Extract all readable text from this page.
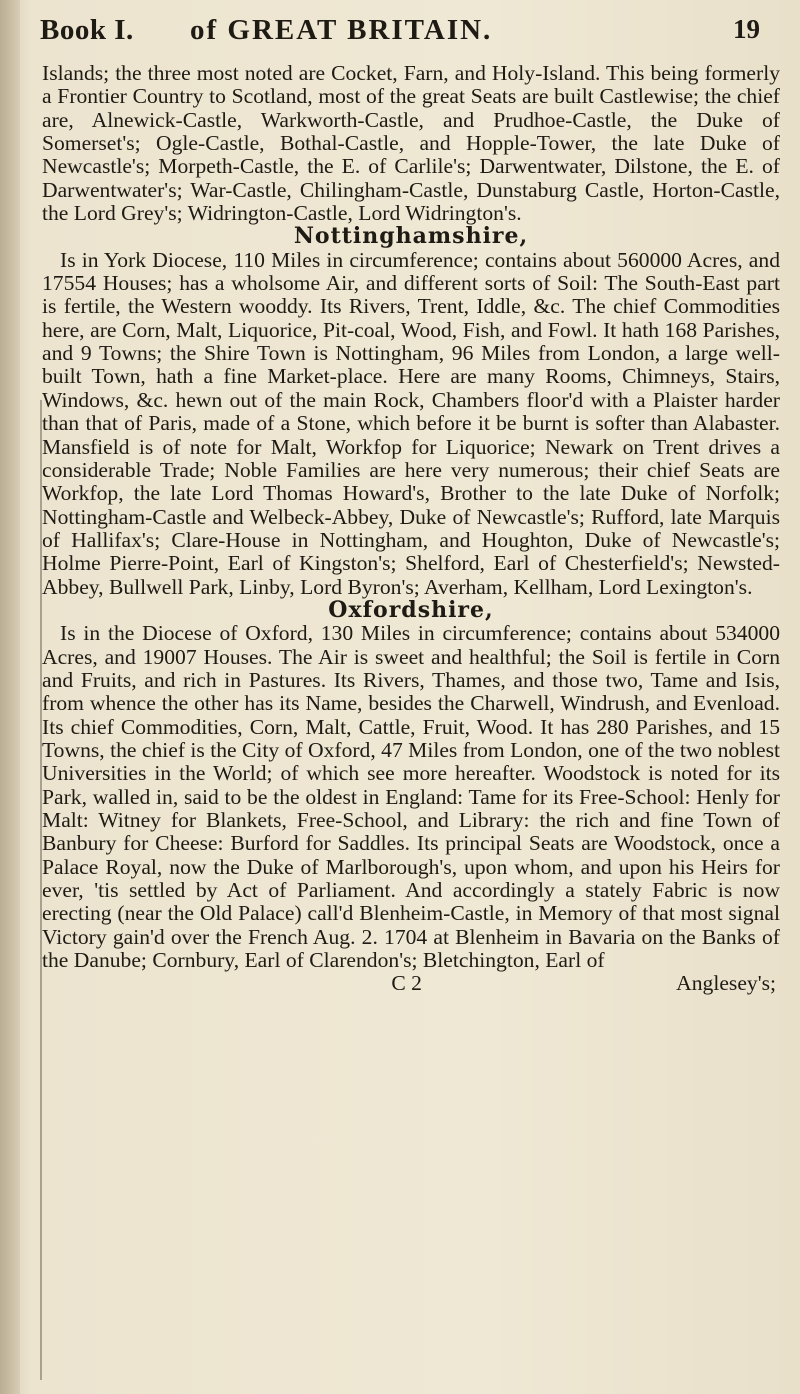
Book I. of GREAT BRITAIN.	19

Islands; the three most noted are Cocket, Farn, and Holy-Island. This being formerly a Frontier Country to Scotland, most of the great Seats are built Castlewise; the chief are, Alnewick-Castle, Warkworth-Castle, and Prudhoe-Castle, the Duke of Somerset's; Ogle-Castle, Bothal-Castle, and Hopple-Tower, the late Duke of Newcastle's; Morpeth-Castle, the E. of Carlile's; Darwentwater, Dilstone, the E. of Darwentwater's; War-Castle, Chilingham-Castle, Dunstaburg Castle, Horton-Castle, the Lord Grey's; Widrington-Castle, Lord Widrington's.

Nottinghamshire,

Is in York Diocese, 110 Miles in circumference; contains about 560000 Acres, and 17554 Houses; has a wholsome Air, and different sorts of Soil: The South-East part is fertile, the Western wooddy. Its Rivers, Trent, Iddle, &c. The chief Commodities here, are Corn, Malt, Liquorice, Pit-coal, Wood, Fish, and Fowl. It hath 168 Parishes, and 9 Towns; the Shire Town is Nottingham, 96 Miles from London, a large well-built Town, hath a fine Market-place. Here are many Rooms, Chimneys, Stairs, Windows, &c. hewn out of the main Rock, Chambers floor'd with a Plaister harder than that of Paris, made of a Stone, which before it be burnt is softer than Alabaster. Mansfield is of note for Malt, Workfop for Liquorice; Newark on Trent drives a considerable Trade; Noble Families are here very numerous; their chief Seats are Workfop, the late Lord Thomas Howard's, Brother to the late Duke of Norfolk; Nottingham-Castle and Welbeck-Abbey, Duke of Newcastle's; Rufford, late Marquis of Hallifax's; Clare-House in Nottingham, and Houghton, Duke of Newcastle's; Holme Pierre-Point, Earl of Kingston's; Shelford, Earl of Chesterfield's; Newsted-Abbey, Bullwell Park, Linby, Lord Byron's; Averham, Kellham, Lord Lexington's.

Oxfordshire,

Is in the Diocese of Oxford, 130 Miles in circumference; contains about 534000 Acres, and 19007 Houses. The Air is sweet and healthful; the Soil is fertile in Corn and Fruits, and rich in Pastures. Its Rivers, Thames, and those two, Tame and Isis, from whence the other has its Name, besides the Charwell, Windrush, and Evenload. Its chief Commodities, Corn, Malt, Cattle, Fruit, Wood. It has 280 Parishes, and 15 Towns, the chief is the City of Oxford, 47 Miles from London, one of the two noblest Universities in the World; of which see more hereafter. Woodstock is noted for its Park, walled in, said to be the oldest in England: Tame for its Free-School: Henly for Malt: Witney for Blankets, Free-School, and Library: the rich and fine Town of Banbury for Cheese: Burford for Saddles. Its principal Seats are Woodstock, once a Palace Royal, now the Duke of Marlborough's, upon whom, and upon his Heirs for ever, 'tis settled by Act of Parliament. And accordingly a stately Fabric is now erecting (near the Old Palace) call'd Blenheim-Castle, in Memory of that most signal Victory gain'd over the French Aug. 2. 1704 at Blenheim in Bavaria on the Banks of the Danube; Cornbury, Earl of Clarendon's; Bletchington, Earl of

C 2	Anglesey's;
